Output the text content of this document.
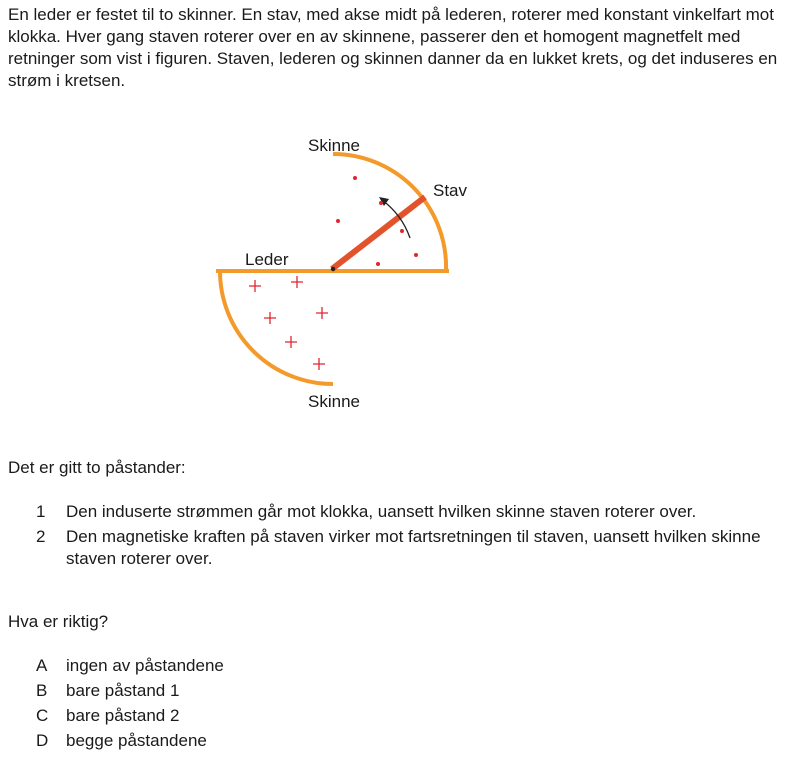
En leder er festet til to skinner. En stav, med akse midt på lederen, roterer med konstant vinkelfart mot klokka. Hver gang staven roterer over en av skinnene, passerer den et homogent magnetfelt med retninger som vist i figuren. Staven, lederen og skinnen danner da en lukket krets, og det induseres en strøm i kretsen.

Skinne
Stav
Leder
Skinne

Det er gitt to påstander:

1	Den induserte strømmen går mot klokka, uansett hvilken skinne staven roterer over.
2	Den magnetiske kraften på staven virker mot fartsretningen til staven, uansett hvilken skinne staven roterer over.

Hva er riktig?

A	ingen av påstandene
B	bare påstand 1
C	bare påstand 2
D	begge påstandene
